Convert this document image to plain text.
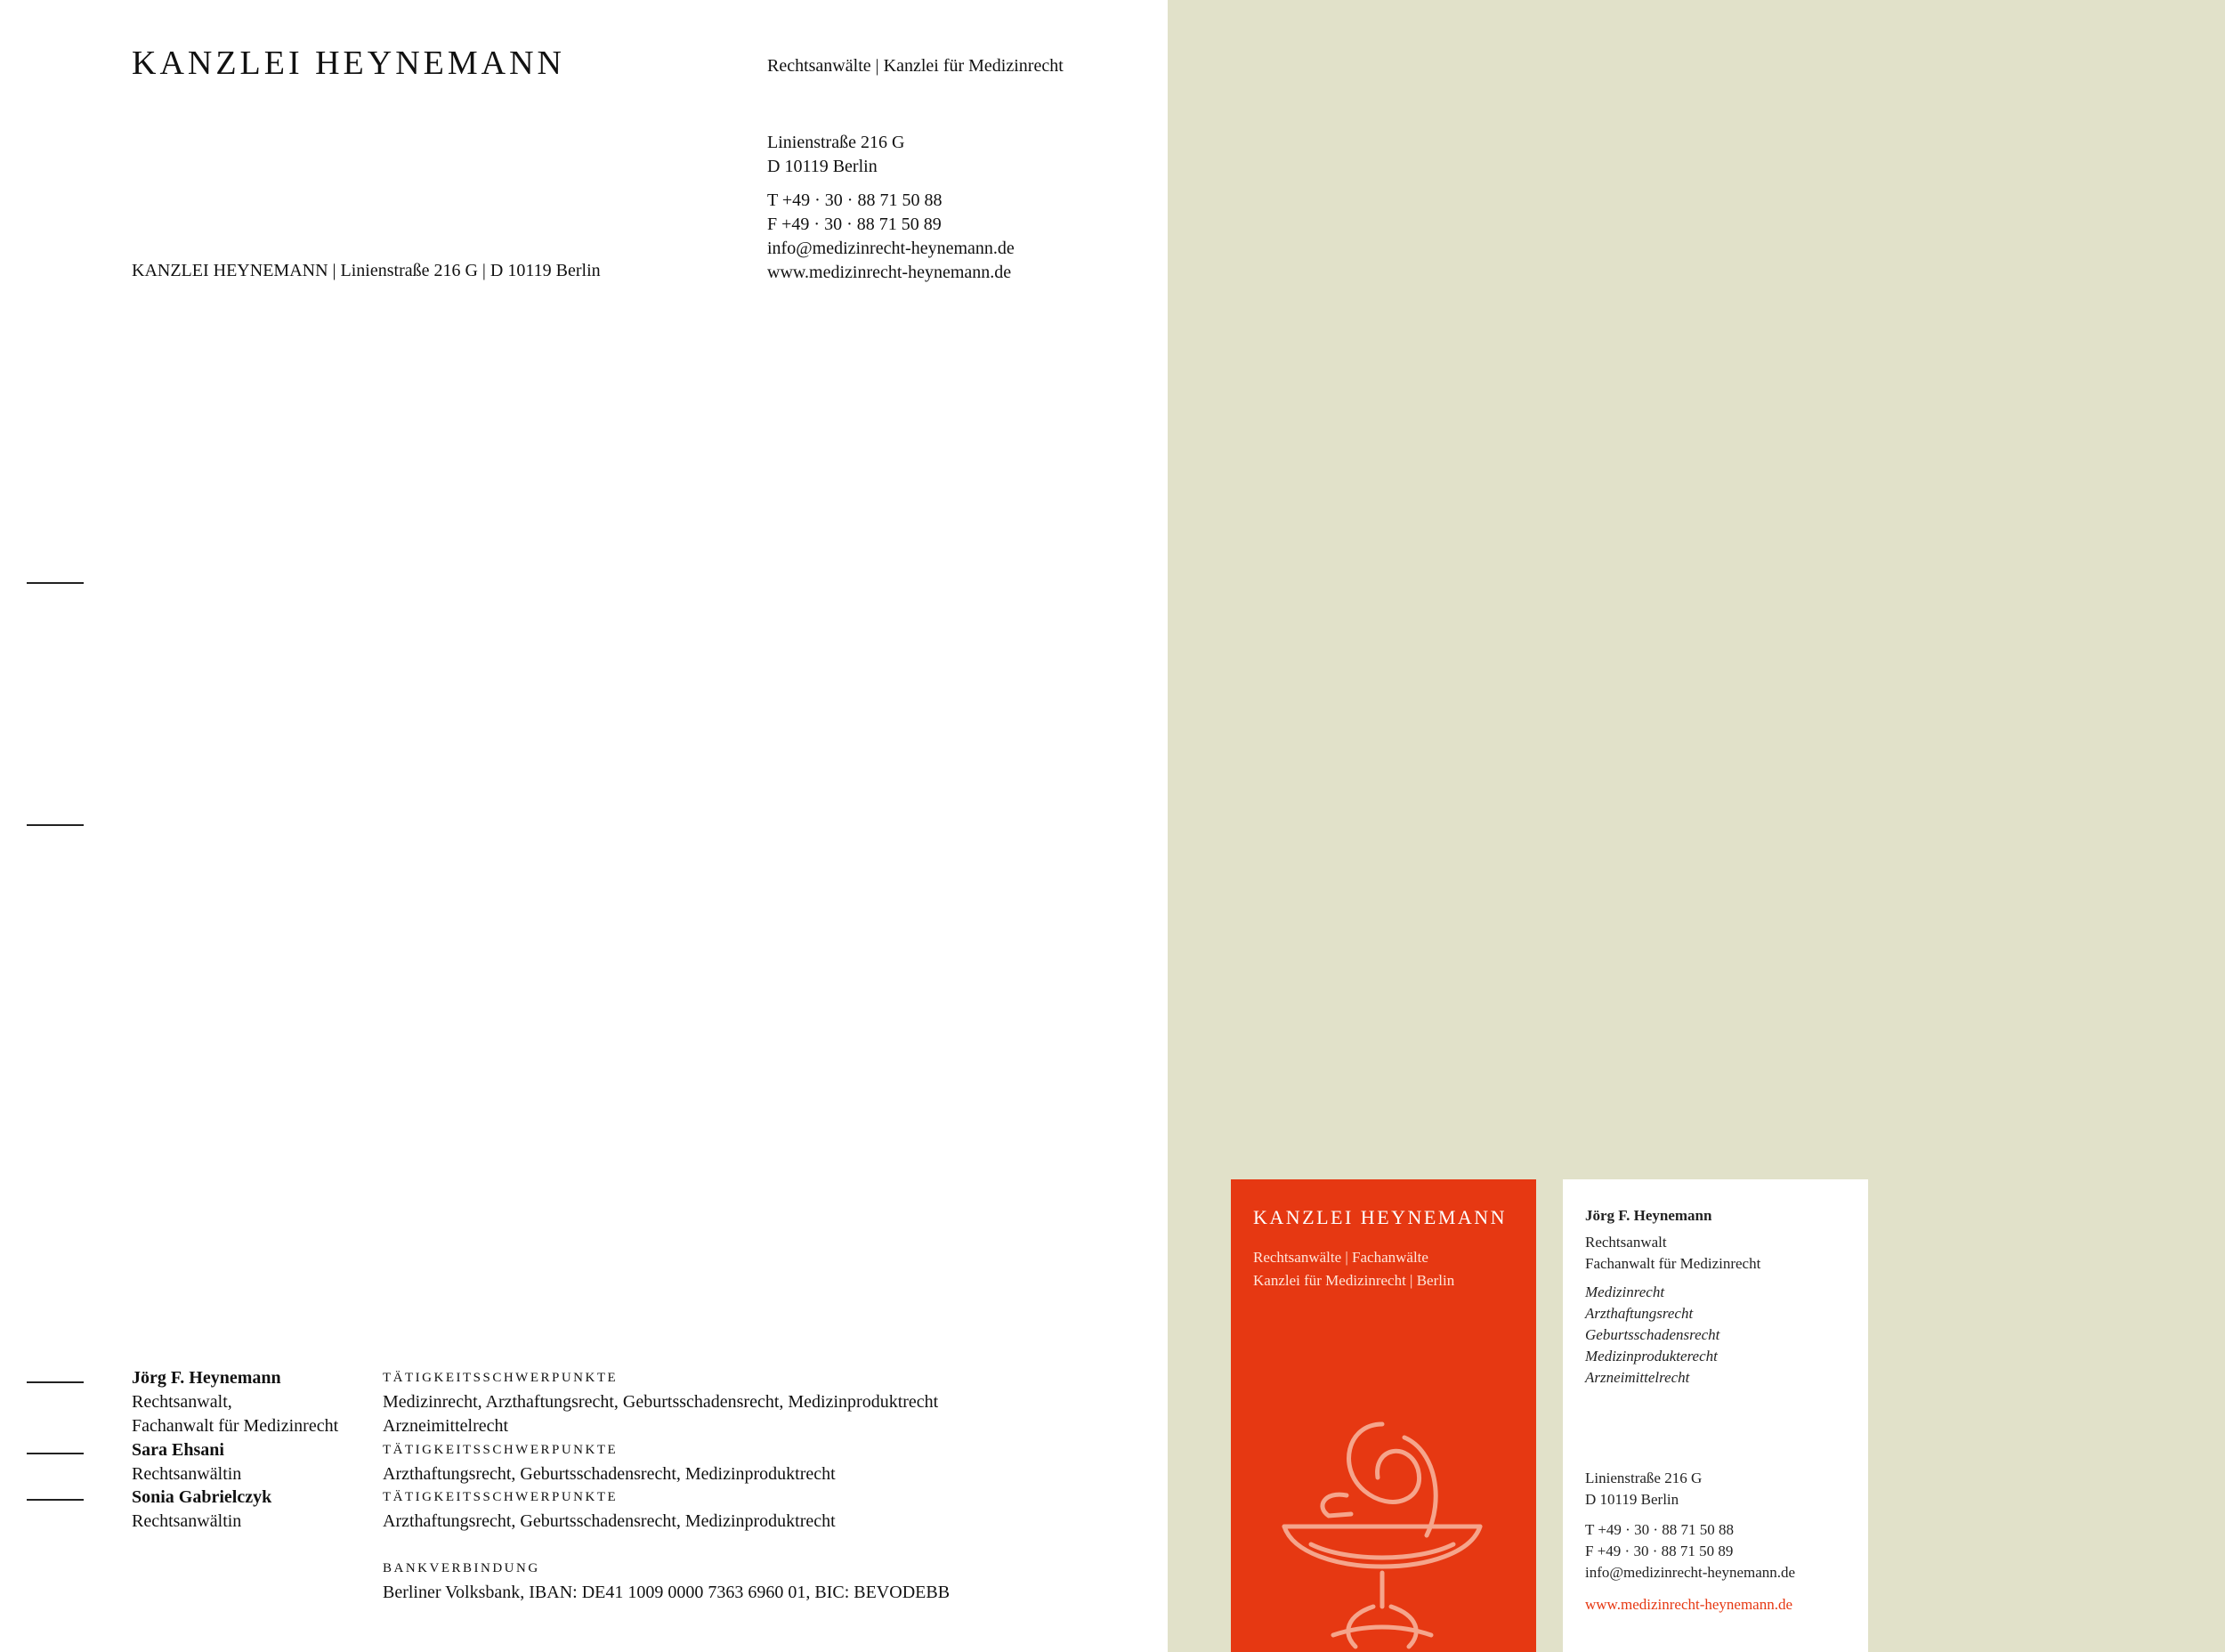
KANZLEI HEYNEMANN	Rechtsanwälte | Kanzlei für Medizinrecht
Linienstraße 216 G
D 10119 Berlin
T +49 · 30 · 88 71 50 88
F +49 · 30 · 88 71 50 89
info@medizinrecht-heynemann.de
www.medizinrecht-heynemann.de
KANZLEI HEYNEMANN | Linienstraße 216 G | D 10119 Berlin
Jörg F. Heynemann
Rechtsanwalt,
Fachanwalt für Medizinrecht
TÄTIGKEITSSCHWERPUNKTE
Medizinrecht, Arzthaftungsrecht, Geburtsschadensrecht, Medizinproduktrecht
Arzneimittelrecht
Sara Ehsani
Rechtsanwältin
TÄTIGKEITSSCHWERPUNKTE
Arzthaftungsrecht, Geburtsschadensrecht, Medizinproduktrecht
Sonia Gabrielczyk
Rechtsanwältin
TÄTIGKEITSSCHWERPUNKTE
Arzthaftungsrecht, Geburtsschadensrecht, Medizinproduktrecht
BANKVERBINDUNG
Berliner Volksbank, IBAN: DE41 1009 0000 7363 6960 01, BIC: BEVODEBB
KANZLEI HEYNEMANN
Rechtsanwälte | Fachanwälte
Kanzlei für Medizinrecht | Berlin
Jörg F. Heynemann
Rechtsanwalt
Fachanwalt für Medizinrecht
Medizinrecht
Arzthaftungsrecht
Geburtsschadensrecht
Medizinprodukterecht
Arzneimittelrecht
Linienstraße 216 G
D 10119 Berlin
T +49 · 30 · 88 71 50 88
F +49 · 30 · 88 71 50 89
info@medizinrecht-heynemann.de
www.medizinrecht-heynemann.de
